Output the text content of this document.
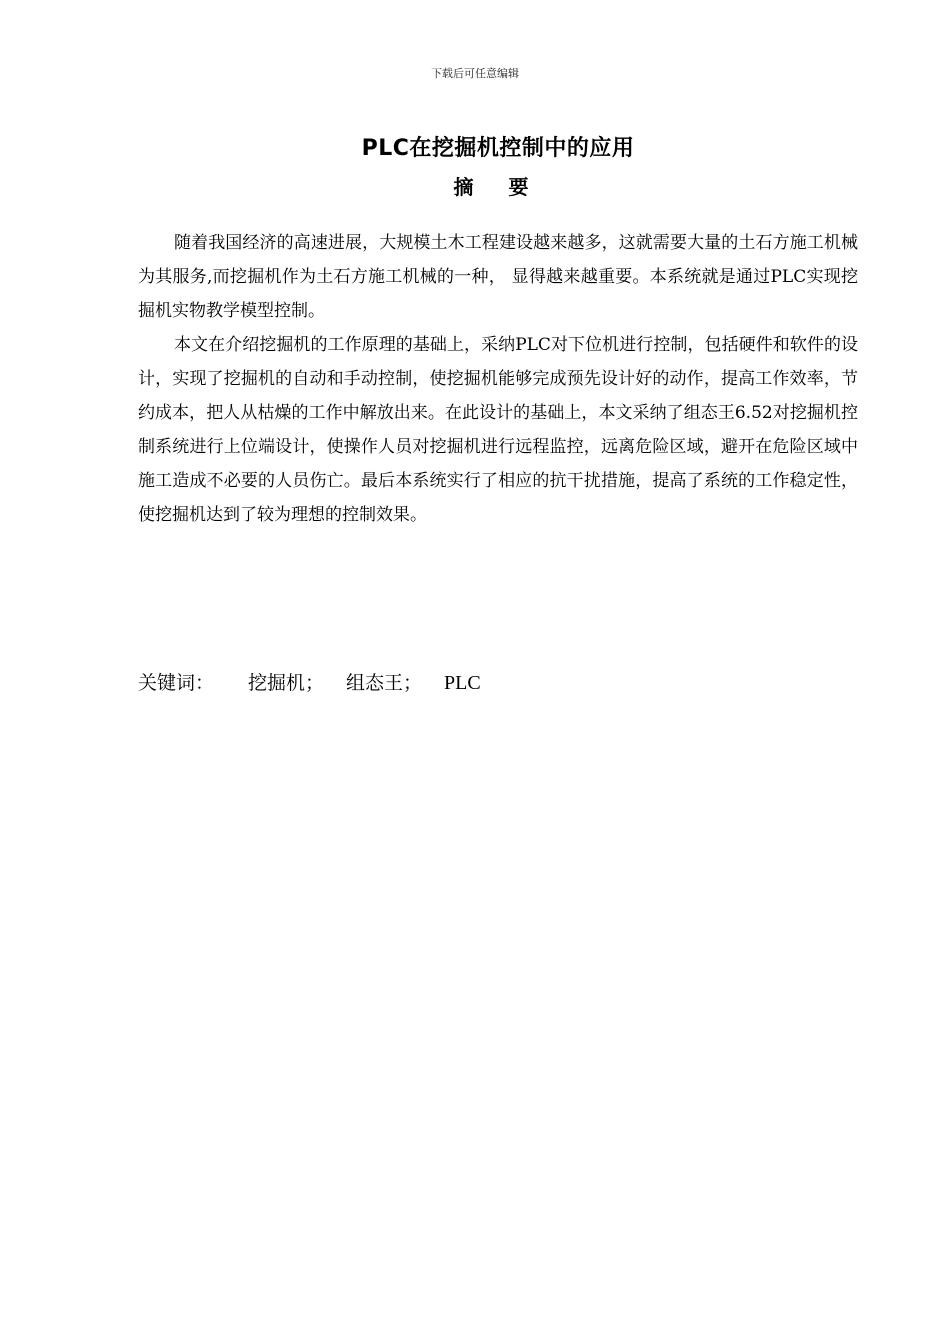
下载后可任意编辑
PLC在挖掘机控制中的应用
摘 要

随着我国经济的高速进展，大规模土木工程建设越来越多，这就需要大量的土石方施工机械为其服务,而挖掘机作为土石方施工机械的一种， 显得越来越重要。本系统就是通过PLC实现挖掘机实物教学模型控制。

本文在介绍挖掘机的工作原理的基础上，采纳PLC对下位机进行控制，包括硬件和软件的设计，实现了挖掘机的自动和手动控制，使挖掘机能够完成预先设计好的动作，提高工作效率，节约成本，把人从枯燥的工作中解放出来。在此设计的基础上，本文采纳了组态王6.52对挖掘机控制系统进行上位端设计，使操作人员对挖掘机进行远程监控，远离危险区域，避开在危险区域中施工造成不必要的人员伤亡。最后本系统实行了相应的抗干扰措施，提高了系统的工作稳定性，使挖掘机达到了较为理想的控制效果。

关键词： 挖掘机； 组态王； PLC
